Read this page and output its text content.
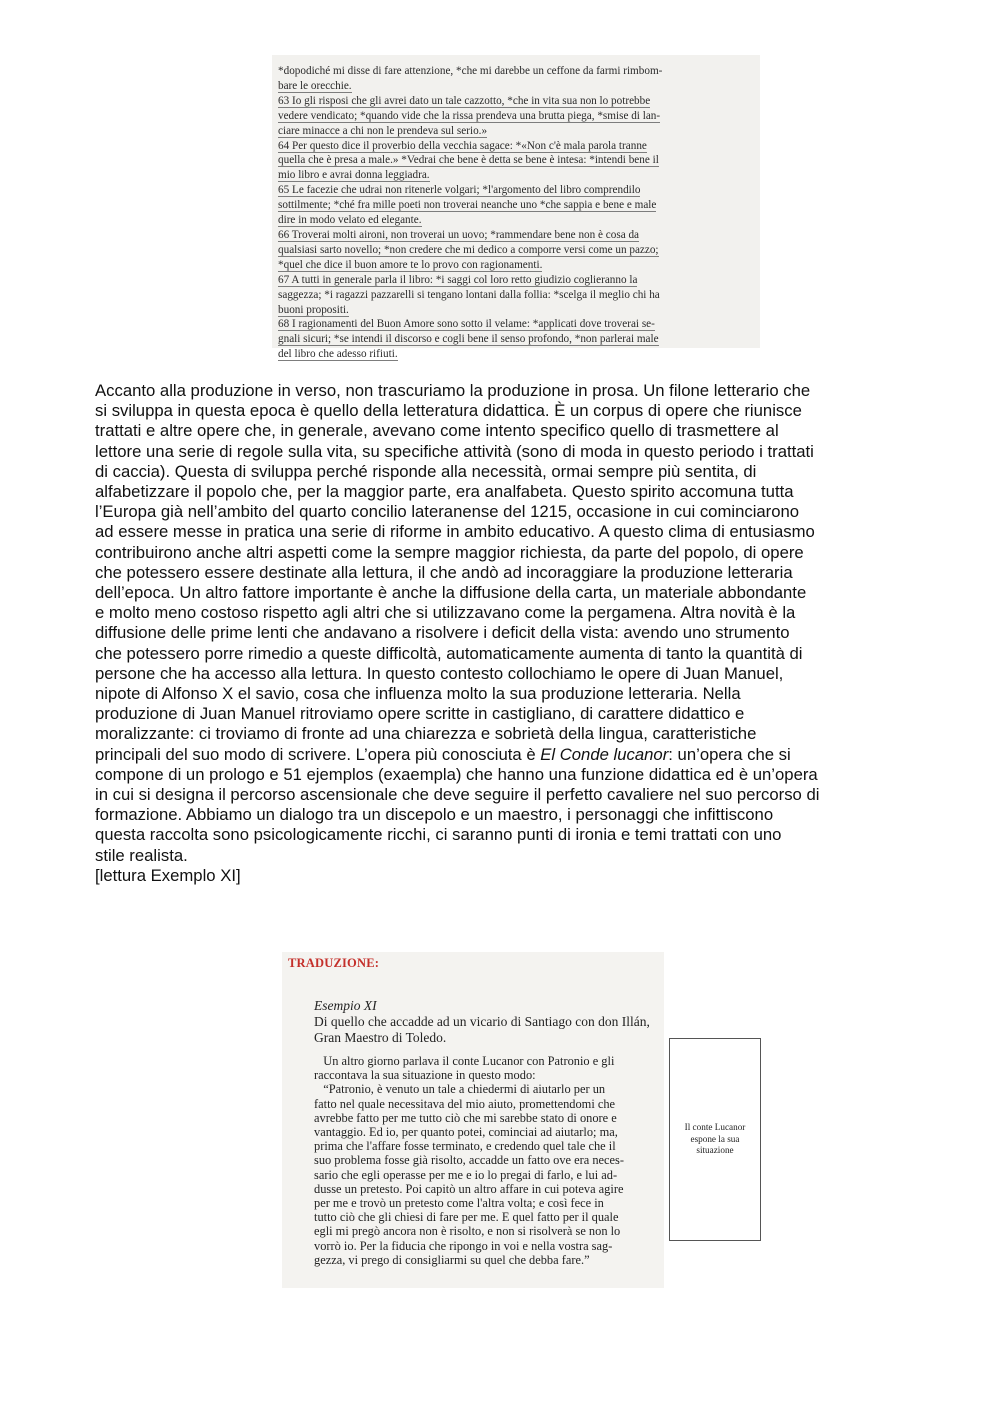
*dopodiché mi disse di fare attenzione, *che mi darebbe un ceffone da farmi rimbom-
bare le orecchie.
63 Io gli risposi che gli avrei dato un tale cazzotto, *che in vita sua non lo potrebbe
vedere vendicato; *quando vide che la rissa prendeva una brutta piega, *smise di lan-
ciare minacce a chi non le prendeva sul serio.»
64 Per questo dice il proverbio della vecchia sagace: *«Non c'è mala parola tranne
quella che è presa a male.» *Vedrai che bene è detta se bene è intesa: *intendi bene il
mio libro e avrai donna leggiadra.
65 Le facezie che udrai non ritenerle volgari; *l'argomento del libro comprendilo
sottilmente; *ché fra mille poeti non troverai neanche uno *che sappia e bene e male
dire in modo velato ed elegante.
66 Troverai molti aironi, non troverai un uovo; *rammendare bene non è cosa da
qualsiasi sarto novello; *non credere che mi dedico a comporre versi come un pazzo;
*quel che dice il buon amore te lo provo con ragionamenti.
67 A tutti in generale parla il libro: *i saggi col loro retto giudizio coglieranno la
saggezza; *i ragazzi pazzarelli si tengano lontani dalla follia: *scelga il meglio chi ha
buoni propositi.
68 I ragionamenti del Buon Amore sono sotto il velame: *applicati dove troverai se-
gnali sicuri; *se intendi il discorso e cogli bene il senso profondo, *non parlerai male
del libro che adesso rifiuti.
Accanto alla produzione in verso, non trascuriamo la produzione in prosa. Un filone letterario che
si sviluppa in questa epoca è quello della letteratura didattica. È un corpus di opere che riunisce
trattati e altre opere che, in generale, avevano come intento specifico quello di trasmettere al
lettore una serie di regole sulla vita, su specifiche attività (sono di moda in questo periodo i trattati
di caccia). Questa di sviluppa perché risponde alla necessità, ormai sempre più sentita, di
alfabetizzare il popolo che, per la maggior parte, era analfabeta. Questo spirito accomuna tutta
l’Europa già nell’ambito del quarto concilio lateranense del 1215, occasione in cui cominciarono
ad essere messe in pratica una serie di riforme in ambito educativo. A questo clima di entusiasmo
contribuirono anche altri aspetti come la sempre maggior richiesta, da parte del popolo, di opere
che potessero essere destinate alla lettura, il che andò ad incoraggiare la produzione letteraria
dell’epoca. Un altro fattore importante è anche la diffusione della carta, un materiale abbondante
e molto meno costoso rispetto agli altri che si utilizzavano come la pergamena. Altra novità è la
diffusione delle prime lenti che andavano a risolvere i deficit della vista: avendo uno strumento
che potessero porre rimedio a queste difficoltà, automaticamente aumenta di tanto la quantità di
persone che ha accesso alla lettura. In questo contesto collochiamo le opere di Juan Manuel,
nipote di Alfonso X el savio, cosa che influenza molto la sua produzione letteraria. Nella
produzione di Juan Manuel ritroviamo opere scritte in castigliano, di carattere didattico e
moralizzante: ci troviamo di fronte ad una chiarezza e sobrietà della lingua, caratteristiche
principali del suo modo di scrivere. L’opera più conosciuta è El Conde lucanor: un’opera che si
compone di un prologo e 51 ejemplos (exaempla) che hanno una funzione didattica ed è un’opera
in cui si designa il percorso ascensionale che deve seguire il perfetto cavaliere nel suo percorso di
formazione. Abbiamo un dialogo tra un discepolo e un maestro, i personaggi che infittiscono
questa raccolta sono psicologicamente ricchi, ci saranno punti di ironia e temi trattati con uno
stile realista.
[lettura Exemplo XI]
TRADUZIONE:
Esempio XI
Di quello che accadde ad un vicario di Santiago con don Illán,
Gran Maestro di Toledo.
Un altro giorno parlava il conte Lucanor con Patronio e gli
raccontava la sua situazione in questo modo:
“Patronio, è venuto un tale a chiedermi di aiutarlo per un
fatto nel quale necessitava del mio aiuto, promettendomi che
avrebbe fatto per me tutto ciò che mi sarebbe stato di onore e
vantaggio. Ed io, per quanto potei, cominciai ad aiutarlo; ma,
prima che l'affare fosse terminato, e credendo quel tale che il
suo problema fosse già risolto, accadde un fatto ove era neces-
sario che egli operasse per me e io lo pregai di farlo, e lui ad-
dusse un pretesto. Poi capitò un altro affare in cui poteva agire
per me e trovò un pretesto come l'altra volta; e così fece in
tutto ciò che gli chiesi di fare per me. E quel fatto per il quale
egli mi pregò ancora non è risolto, e non si risolverà se non lo
vorrò io. Per la fiducia che ripongo in voi e nella vostra sag-
gezza, vi prego di consigliarmi su quel che debba fare.”
Il conte Lucanor espone la sua situazione
